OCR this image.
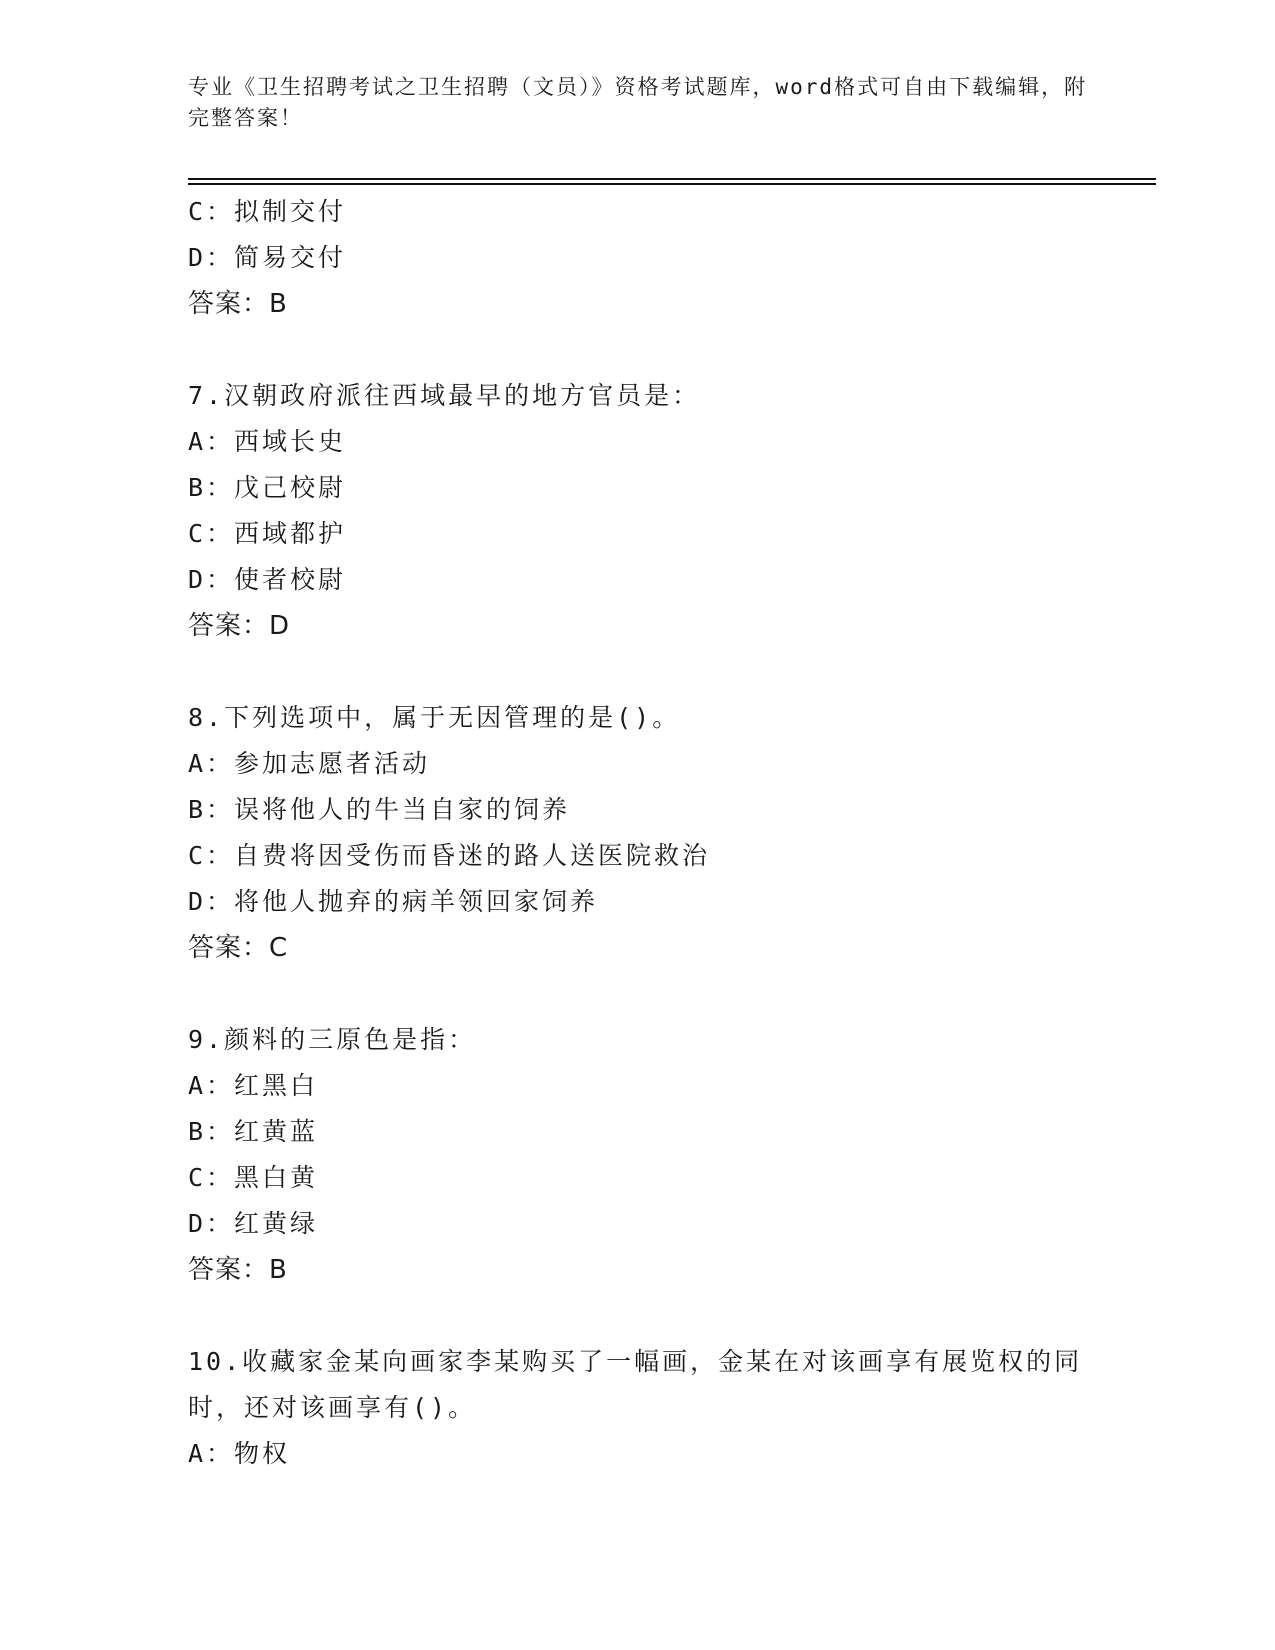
专业《卫生招聘考试之卫生招聘（文员）》资格考试题库，word格式可自由下载编辑，附完整答案！
C：拟制交付
D：简易交付
答案：B
7.汉朝政府派往西域最早的地方官员是：
A：西域长史
B：戊己校尉
C：西域都护
D：使者校尉
答案：D
8.下列选项中，属于无因管理的是()。
A：参加志愿者活动
B：误将他人的牛当自家的饲养
C：自费将因受伤而昏迷的路人送医院救治
D：将他人抛弃的病羊领回家饲养
答案：C
9.颜料的三原色是指：
A：红黑白
B：红黄蓝
C：黑白黄
D：红黄绿
答案：B
10.收藏家金某向画家李某购买了一幅画，金某在对该画享有展览权的同时，还对该画享有()。
A：物权
